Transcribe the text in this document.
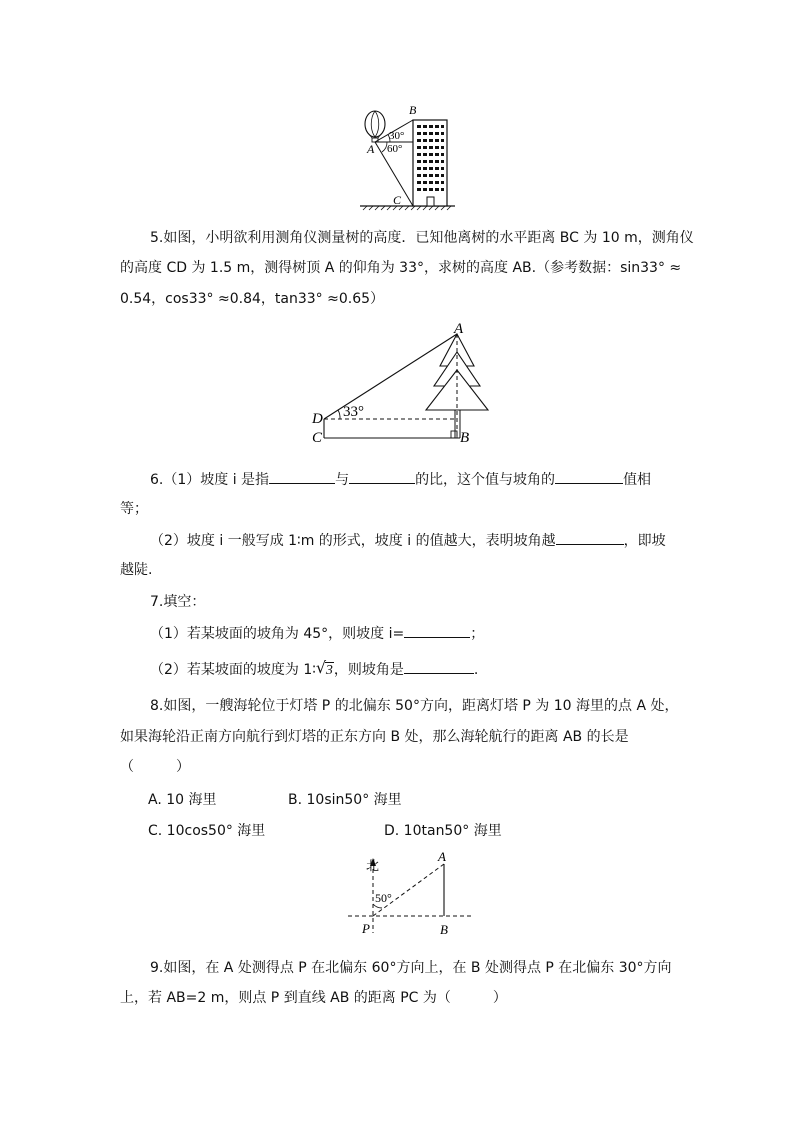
B
A
C
30°
60°
5.如图，小明欲利用测角仪测量树的高度．已知他离树的水平距离 BC 为 10 m，测角仪
的高度 CD 为 1.5 m，测得树顶 A 的仰角为 33°，求树的高度 AB.（参考数据：sin33° ≈
0.54，cos33° ≈0.84，tan33° ≈0.65）
A
D
C	B
33°
6.（1）坡度 i 是指	与	的比，这个值与坡角的	值相
等；
（2）坡度 i 一般写成 1∶m 的形式，坡度 i 的值越大，表明坡角越	，即坡
越陡.
7.填空：
（1）若某坡面的坡角为 45°，则坡度 i=	；
（2）若某坡面的坡度为 1∶ √ 3，则坡角是	.
8.如图，一艘海轮位于灯塔 P 的北偏东 50°方向，距离灯塔 P 为 10 海里的点 A 处，
如果海轮沿正南方向航行到灯塔的正东方向 B 处，那么海轮航行的距离 AB 的长是
（　　　）
A. 10 海里	B. 10sin50° 海里
C. 10cos50° 海里	D. 10tan50° 海里
北
A
P	B
50°
9.如图，在 A 处测得点 P 在北偏东 60°方向上，在 B 处测得点 P 在北偏东 30°方向
上，若 AB=2 m，则点 P 到直线 AB 的距离 PC 为（　　　）
